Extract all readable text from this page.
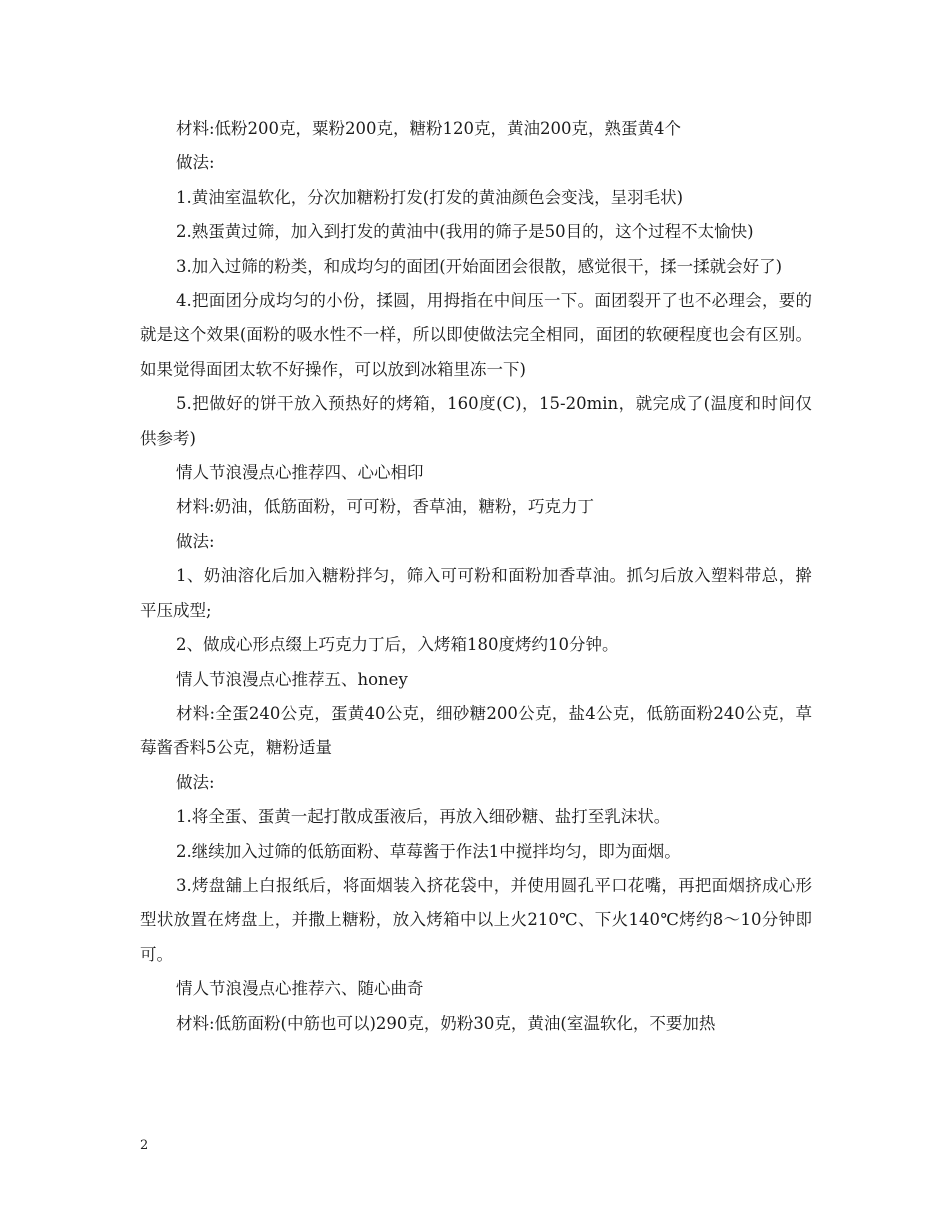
材料:低粉200克，粟粉200克，糖粉120克，黄油200克，熟蛋黄4个

做法:

1.黄油室温软化，分次加糖粉打发(打发的黄油颜色会变浅，呈羽毛状)

2.熟蛋黄过筛，加入到打发的黄油中(我用的筛子是50目的，这个过程不太愉快)

3.加入过筛的粉类，和成均匀的面团(开始面团会很散，感觉很干，揉一揉就会好了)

4.把面团分成均匀的小份，揉圆，用拇指在中间压一下。面团裂开了也不必理会，要的就是这个效果(面粉的吸水性不一样，所以即使做法完全相同，面团的软硬程度也会有区别。如果觉得面团太软不好操作，可以放到冰箱里冻一下)

5.把做好的饼干放入预热好的烤箱，160度(C)，15-20min，就完成了(温度和时间仅供参考)

情人节浪漫点心推荐四、心心相印

材料:奶油，低筋面粉，可可粉，香草油，糖粉，巧克力丁

做法:

1、奶油溶化后加入糖粉拌匀，筛入可可粉和面粉加香草油。抓匀后放入塑料带总，擀平压成型;

2、做成心形点缀上巧克力丁后，入烤箱180度烤约10分钟。

情人节浪漫点心推荐五、honey

材料:全蛋240公克，蛋黄40公克，细砂糖200公克，盐4公克，低筋面粉240公克，草莓酱香料5公克，糖粉适量

做法:

1.将全蛋、蛋黄一起打散成蛋液后，再放入细砂糖、盐打至乳沫状。

2.继续加入过筛的低筋面粉、草莓酱于作法1中搅拌均匀，即为面烟。

3.烤盘舖上白报纸后，将面烟装入挤花袋中，并使用圆孔平口花嘴，再把面烟挤成心形型状放置在烤盘上，并撒上糖粉，放入烤箱中以上火210℃、下火140℃烤约8～10分钟即可。

情人节浪漫点心推荐六、随心曲奇

材料:低筋面粉(中筋也可以)290克，奶粉30克，黄油(室温软化，不要加热

2
